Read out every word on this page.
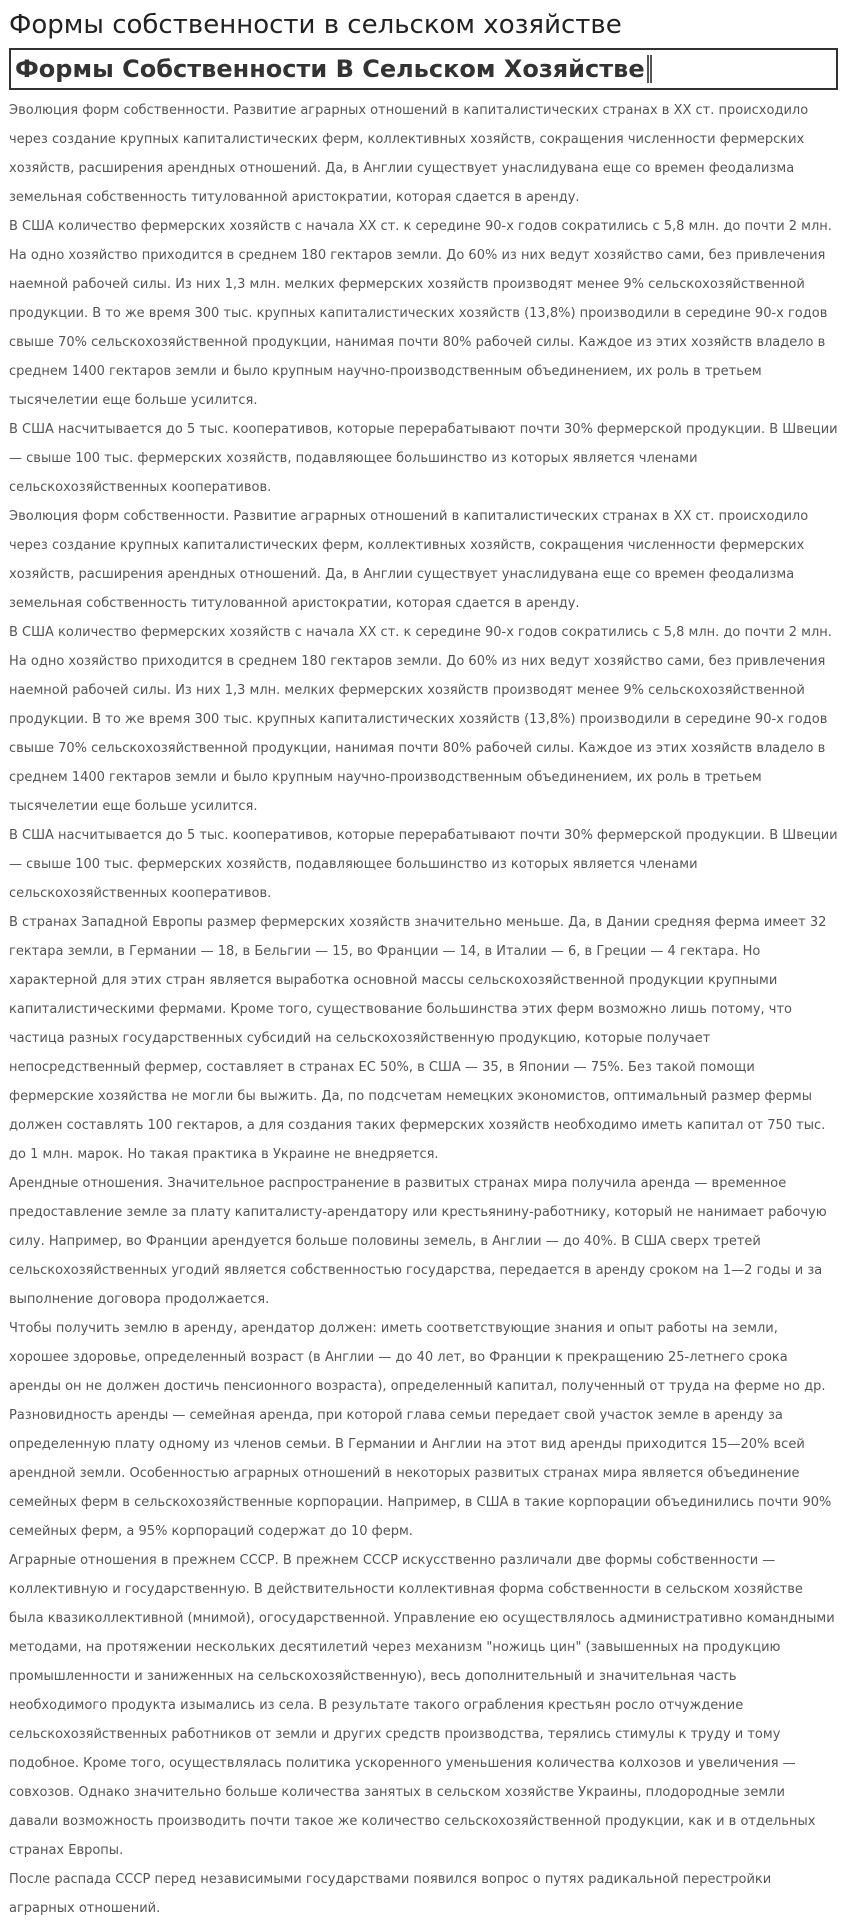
Формы собственности в сельском хозяйстве
Формы Собственности В Сельском Хозяйстве

Эволюция форм собственности. Развитие аграрных отношений в капиталистических странах в XX ст. происходило через создание крупных капиталистических ферм, коллективных хозяйств, сокращения численности фермерских хозяйств, расширения арендных отношений. Да, в Англии существует унаслидувана еще со времен феодализма земельная собственность титулованной аристократии, которая сдается в аренду.

В США количество фермерских хозяйств с начала XX ст. к середине 90-х годов сократились с 5,8 млн. до почти 2 млн. На одно хозяйство приходится в среднем 180 гектаров земли. До 60% из них ведут хозяйство сами, без привлечения наемной рабочей силы. Из них 1,3 млн. мелких фермерских хозяйств производят менее 9% сельскохозяйственной продукции. В то же время 300 тыс. крупных капиталистических хозяйств (13,8%) производили в середине 90-х годов свыше 70% сельскохозяйственной продукции, нанимая почти 80% рабочей силы. Каждое из этих хозяйств владело в среднем 1400 гектаров земли и было крупным научно-производственным объединением, их роль в третьем тысячелетии еще больше усилится.

В США насчитывается до 5 тыс. кооперативов, которые перерабатывают почти 30% фермерской продукции. В Швеции — свыше 100 тыс. фермерских хозяйств, подавляющее большинство из которых является членами сельскохозяйственных кооперативов.

Эволюция форм собственности. Развитие аграрных отношений в капиталистических странах в XX ст. происходило через создание крупных капиталистических ферм, коллективных хозяйств, сокращения численности фермерских хозяйств, расширения арендных отношений. Да, в Англии существует унаслидувана еще со времен феодализма земельная собственность титулованной аристократии, которая сдается в аренду.

В США количество фермерских хозяйств с начала XX ст. к середине 90-х годов сократились с 5,8 млн. до почти 2 млн. На одно хозяйство приходится в среднем 180 гектаров земли. До 60% из них ведут хозяйство сами, без привлечения наемной рабочей силы. Из них 1,3 млн. мелких фермерских хозяйств производят менее 9% сельскохозяйственной продукции. В то же время 300 тыс. крупных капиталистических хозяйств (13,8%) производили в середине 90-х годов свыше 70% сельскохозяйственной продукции, нанимая почти 80% рабочей силы. Каждое из этих хозяйств владело в среднем 1400 гектаров земли и было крупным научно-производственным объединением, их роль в третьем тысячелетии еще больше усилится.

В США насчитывается до 5 тыс. кооперативов, которые перерабатывают почти 30% фермерской продукции. В Швеции — свыше 100 тыс. фермерских хозяйств, подавляющее большинство из которых является членами сельскохозяйственных кооперативов.

В странах Западной Европы размер фермерских хозяйств значительно меньше. Да, в Дании средняя ферма имеет 32 гектара земли, в Германии — 18, в Бельгии — 15, во Франции — 14, в Италии — 6, в Греции — 4 гектара. Но характерной для этих стран является выработка основной массы сельскохозяйственной продукции крупными капиталистическими фермами. Кроме того, существование большинства этих ферм возможно лишь потому, что частица разных государственных субсидий на сельскохозяйственную продукцию, которые получает непосредственный фермер, составляет в странах ЕС 50%, в США — 35, в Японии — 75%. Без такой помощи фермерские хозяйства не могли бы выжить. Да, по подсчетам немецких экономистов, оптимальный размер фермы должен составлять 100 гектаров, а для создания таких фермерских хозяйств необходимо иметь капитал от 750 тыс. до 1 млн. марок. Но такая практика в Украине не внедряется.

Арендные отношения. Значительное распространение в развитых странах мира получила аренда — временное предоставление земле за плату капиталисту-арендатору или крестьянину-работнику, который не нанимает рабочую силу. Например, во Франции арендуется больше половины земель, в Англии — до 40%. В США сверх третей сельскохозяйственных угодий является собственностью государства, передается в аренду сроком на 1—2 годы и за выполнение договора продолжается.

Чтобы получить землю в аренду, арендатор должен: иметь соответствующие знания и опыт работы на земли, хорошее здоровье, определенный возраст (в Англии — до 40 лет, во Франции к прекращению 25-летнего срока аренды он не должен достичь пенсионного возраста), определенный капитал, полученный от труда на ферме но др. Разновидность аренды — семейная аренда, при которой глава семьи передает свой участок земле в аренду за определенную плату одному из членов семьи. В Германии и Англии на этот вид аренды приходится 15—20% всей арендной земли. Особенностью аграрных отношений в некоторых развитых странах мира является объединение семейных ферм в сельскохозяйственные корпорации. Например, в США в такие корпорации объединились почти 90% семейных ферм, а 95% корпораций содержат до 10 ферм.

Аграрные отношения в прежнем СССР. В прежнем СССР искусственно различали две формы собственности — коллективную и государственную. В действительности коллективная форма собственности в сельском хозяйстве была квазиколлективной (мнимой), огосударственной. Управление ею осуществлялось административно командными методами, на протяжении нескольких десятилетий через механизм "ножиць цин" (завышенных на продукцию промышленности и заниженных на сельскохозяйственную), весь дополнительный и значительная часть необходимого продукта изымались из села. В результате такого ограбления крестьян росло отчуждение сельскохозяйственных работников от земли и других средств производства, терялись стимулы к труду и тому подобное. Кроме того, осуществлялась политика ускоренного уменьшения количества колхозов и увеличения — совхозов. Однако значительно больше количества занятых в сельском хозяйстве Украины, плодородные земли давали возможность производить почти такое же количество сельскохозяйственной продукции, как и в отдельных странах Европы.

После распада СССР перед независимыми государствами появился вопрос о путях радикальной перестройки аграрных отношений.
